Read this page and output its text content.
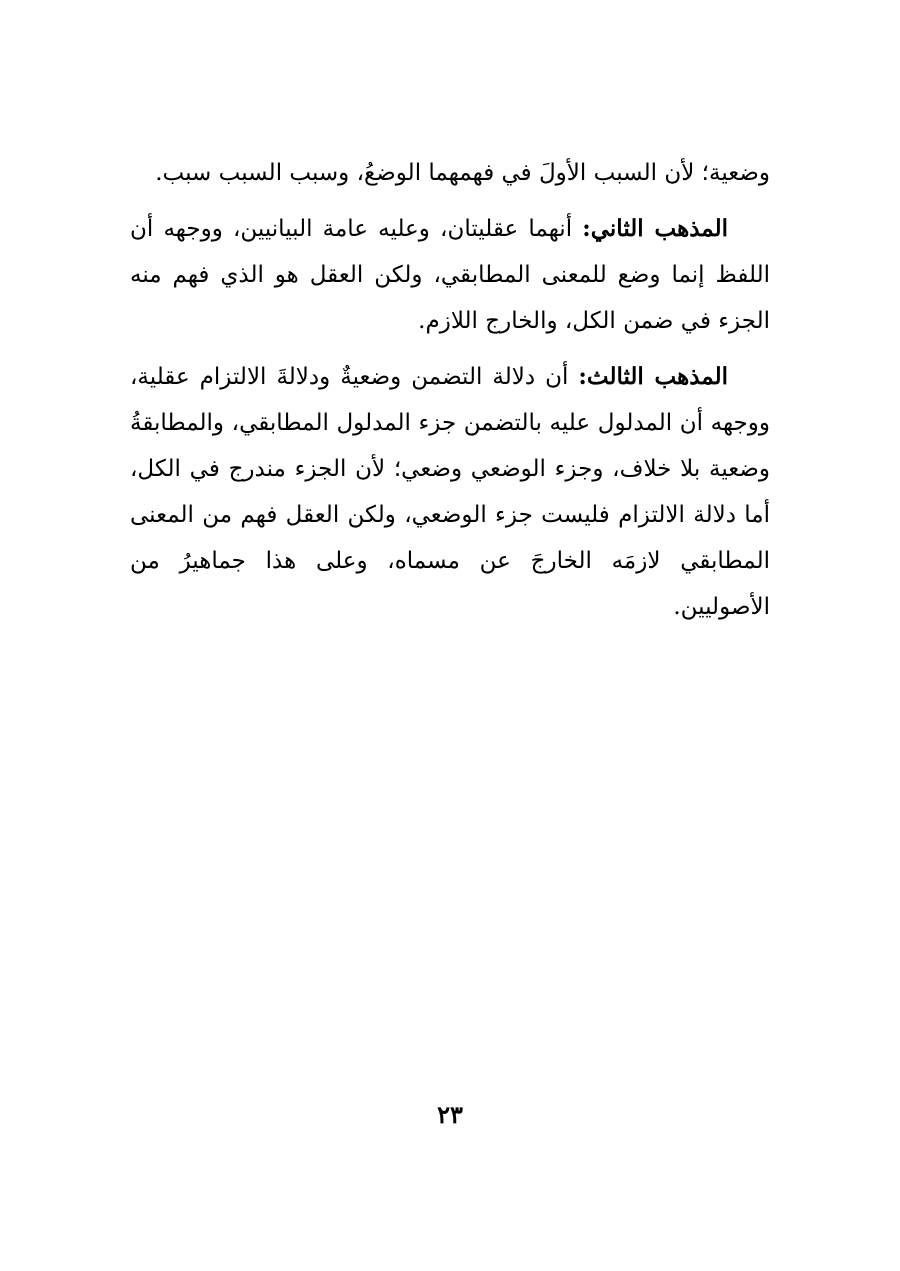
وضعية؛ لأن السبب الأولَ في فهمهما الوضعُ، وسبب السبب سبب.

المذهب الثاني: أنهما عقليتان، وعليه عامة البيانيين، ووجهه أن اللفظ إنما وضع للمعنى المطابقي، ولكن العقل هو الذي فهم منه الجزء في ضمن الكل، والخارج اللازم.

المذهب الثالث: أن دلالة التضمن وضعيةٌ ودلالةَ الالتزام عقلية، ووجهه أن المدلول عليه بالتضمن جزء المدلول المطابقي، والمطابقةُ وضعية بلا خلاف، وجزء الوضعي وضعي؛ لأن الجزء مندرج في الكل، أما دلالة الالتزام فليست جزء الوضعي، ولكن العقل فهم من المعنى المطابقي لازمَه الخارجَ عن مسماه، وعلى هذا جماهيرُ من الأصوليين.

٢٣
